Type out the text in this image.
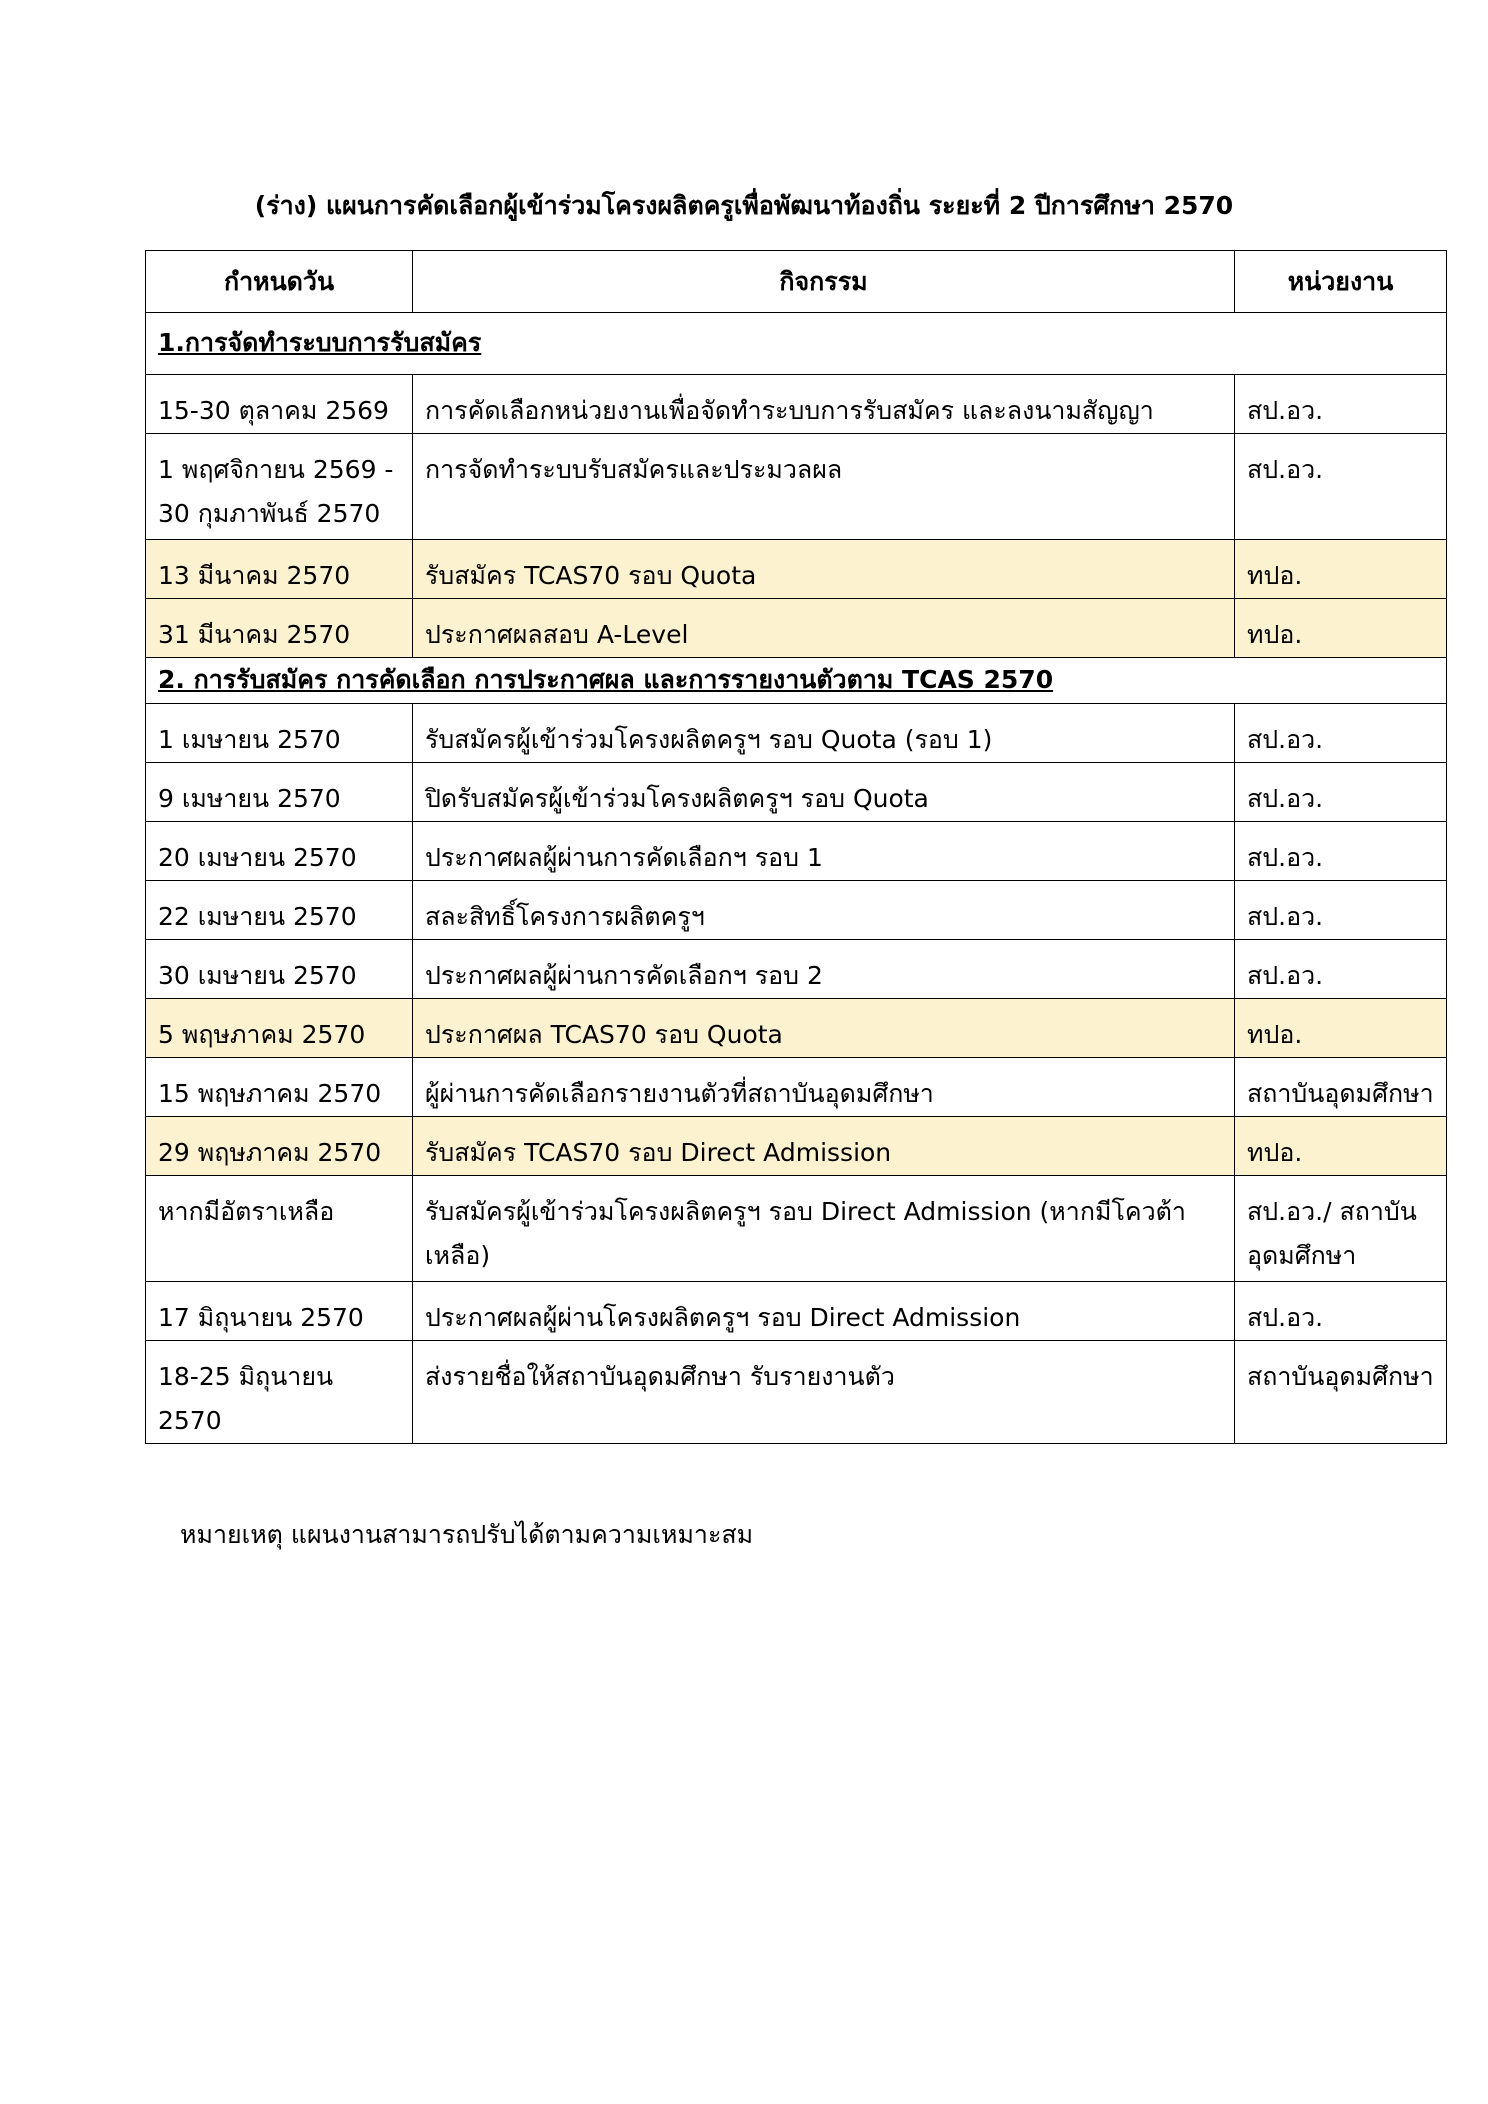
(ร่าง) แผนการคัดเลือกผู้เข้าร่วมโครงผลิตครูเพื่อพัฒนาท้องถิ่น ระยะที่ 2 ปีการศึกษา 2570
กำหนดวัน	กิจกรรม	หน่วยงาน
1.การจัดทำระบบการรับสมัคร		
15-30 ตุลาคม 2569	การคัดเลือกหน่วยงานเพื่อจัดทำระบบการรับสมัคร และลงนามสัญญา	สป.อว.
1 พฤศจิกายน 2569 - 30 กุมภาพันธ์ 2570	การจัดทำระบบรับสมัครและประมวลผล	สป.อว.
13 มีนาคม 2570	รับสมัคร TCAS70 รอบ Quota	ทปอ.
31 มีนาคม 2570	ประกาศผลสอบ A-Level	ทปอ.
2. การรับสมัคร การคัดเลือก การประกาศผล และการรายงานตัวตาม TCAS 2570		
1 เมษายน 2570	รับสมัครผู้เข้าร่วมโครงผลิตครูฯ รอบ Quota (รอบ 1)	สป.อว.
9 เมษายน 2570	ปิดรับสมัครผู้เข้าร่วมโครงผลิตครูฯ รอบ Quota	สป.อว.
20 เมษายน 2570	ประกาศผลผู้ผ่านการคัดเลือกฯ รอบ 1	สป.อว.
22 เมษายน 2570	สละสิทธิ์โครงการผลิตครูฯ	สป.อว.
30 เมษายน 2570	ประกาศผลผู้ผ่านการคัดเลือกฯ รอบ 2	สป.อว.
5 พฤษภาคม 2570	ประกาศผล TCAS70 รอบ Quota	ทปอ.
15 พฤษภาคม 2570	ผู้ผ่านการคัดเลือกรายงานตัวที่สถาบันอุดมศึกษา	สถาบันอุดมศึกษา
29 พฤษภาคม 2570	รับสมัคร TCAS70 รอบ Direct Admission	ทปอ.
หากมีอัตราเหลือ	รับสมัครผู้เข้าร่วมโครงผลิตครูฯ รอบ Direct Admission (หากมีโควต้าเหลือ)	สป.อว./ สถาบันอุดมศึกษา
17 มิถุนายน 2570	ประกาศผลผู้ผ่านโครงผลิตครูฯ รอบ Direct Admission	สป.อว.
18-25 มิถุนายน 2570	ส่งรายชื่อให้สถาบันอุดมศึกษา รับรายงานตัว	สถาบันอุดมศึกษา
หมายเหตุ แผนงานสามารถปรับได้ตามความเหมาะสม
